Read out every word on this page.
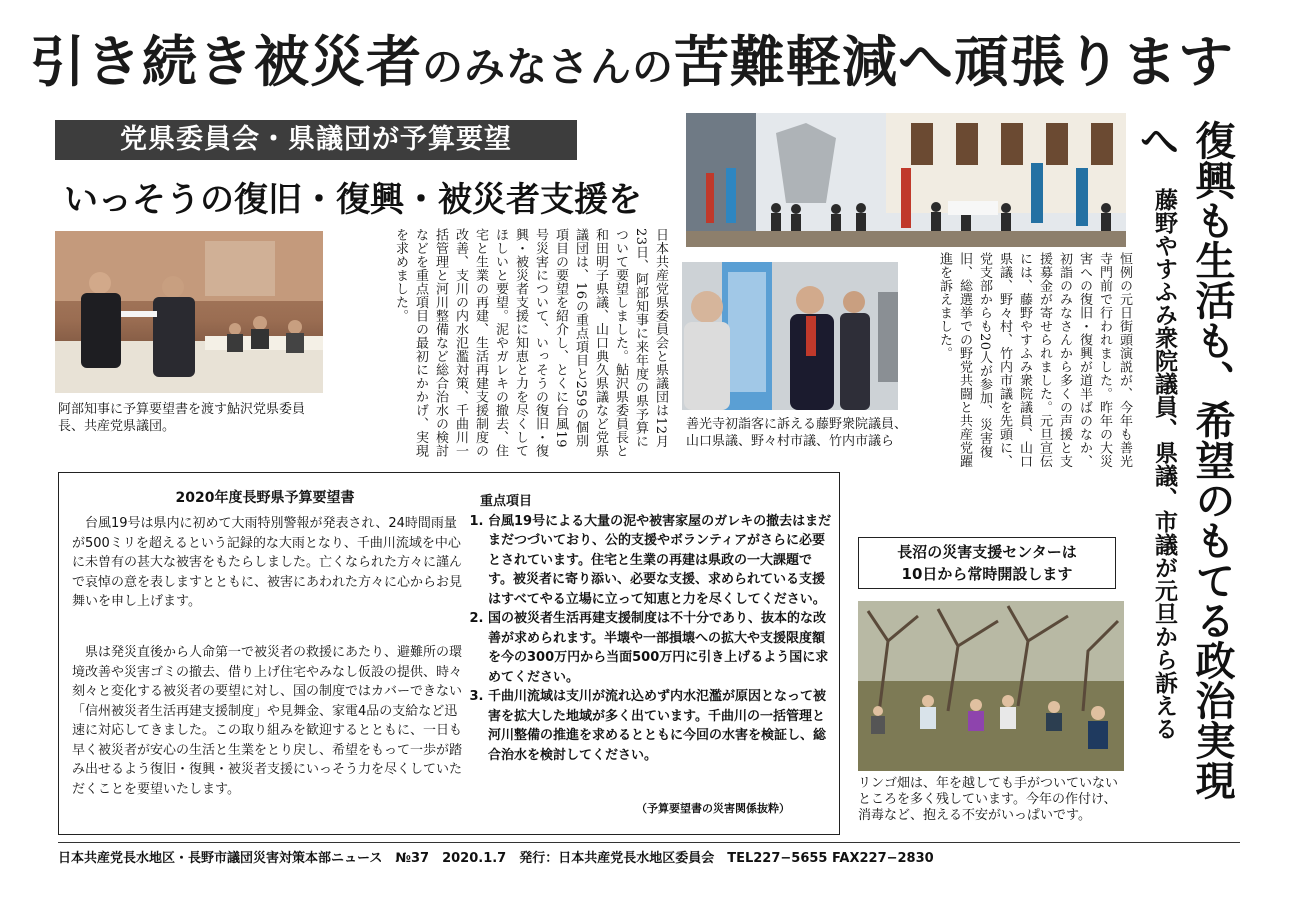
引き続き被災者のみなさんの苦難軽減へ頑張ります
党県委員会・県議団が予算要望
いっそうの復旧・復興・被災者支援を
阿部知事に予算要望書を渡す鮎沢党県委員長、共産党県議団。	日本共産党県委員会と県議団は12月23日、阿部知事に来年度の県予算について要望しました。鮎沢県委員長と和田明子県議、山口典久県議など党県議団は、16の重点項目と259の個別項目の要望を紹介し、とくに台風19号災害について、いっそうの復旧・復興・被災者支援に知恵と力を尽くしてほしいと要望。泥やガレキの撤去、住宅と生業の再建、生活再建支援制度の改善、支川の内水氾濫対策、千曲川一括管理と河川整備など総合治水の検討などを重点項目の最初にかかげ、実現を求めました。
善光寺初詣客に訴える藤野衆院議員、山口県議、野々村市議、竹内市議ら	恒例の元日街頭演説が、今年も善光寺門前で行われました。昨年の大災害への復旧・復興が道半ばのなか、初詣のみなさんから多くの声援と支援募金が寄せられました。元旦宣伝には、藤野やすふみ衆院議員、山口県議、野々村、竹内市議を先頭に、党支部からも20人が参加、災害復旧、総選挙での野党共闘と共産党躍進を訴えました。	復興も生活も、希望のもてる政治実現へ
藤野やすふみ衆院議員、県議、市議が元旦から訴える
2020年度長野県予算要望書
台風19号は県内に初めて大雨特別警報が発表され、24時間雨量が500ミリを超えるという記録的な大雨となり、千曲川流域を中心に未曽有の甚大な被害をもたらしました。亡くなられた方々に謹んで哀悼の意を表しますとともに、被害にあわれた方々に心からお見舞いを申し上げます。
県は発災直後から人命第一で被災者の救援にあたり、避難所の環境改善や災害ゴミの撤去、借り上げ住宅やみなし仮設の提供、時々刻々と変化する被災者の要望に対し、国の制度ではカバーできない「信州被災者生活再建支援制度」や見舞金、家電4品の支給など迅速に対応してきました。この取り組みを歓迎するとともに、一日も早く被災者が安心の生活と生業をとり戻し、希望をもって一歩が踏み出せるよう復旧・復興・被災者支援にいっそう力を尽くしていただくことを要望いたします。
重点項目
1. 台風19号による大量の泥や被害家屋のガレキの撤去はまだまだつづいており、公的支援やボランティアがさらに必要とされています。住宅と生業の再建は県政の一大課題です。被災者に寄り添い、必要な支援、求められている支援はすべてやる立場に立って知恵と力を尽くしてください。
2. 国の被災者生活再建支援制度は不十分であり、抜本的な改善が求められます。半壊や一部損壊への拡大や支援限度額を今の300万円から当面500万円に引き上げるよう国に求めてください。
3. 千曲川流域は支川が流れ込めず内水氾濫が原因となって被害を拡大した地域が多く出ています。千曲川の一括管理と河川整備の推進を求めるとともに今回の水害を検証し、総合治水を検討してください。
（予算要望書の災害関係抜粋）
長沼の災害支援センターは
10日から常時開設します
リンゴ畑は、年を越しても手がついていないところを多く残しています。今年の作付け、消毒など、抱える不安がいっぱいです。
日本共産党長水地区・長野市議団災害対策本部ニュース　№37　2020.1.7　発行：日本共産党長水地区委員会　TEL227−5655 FAX227−2830
